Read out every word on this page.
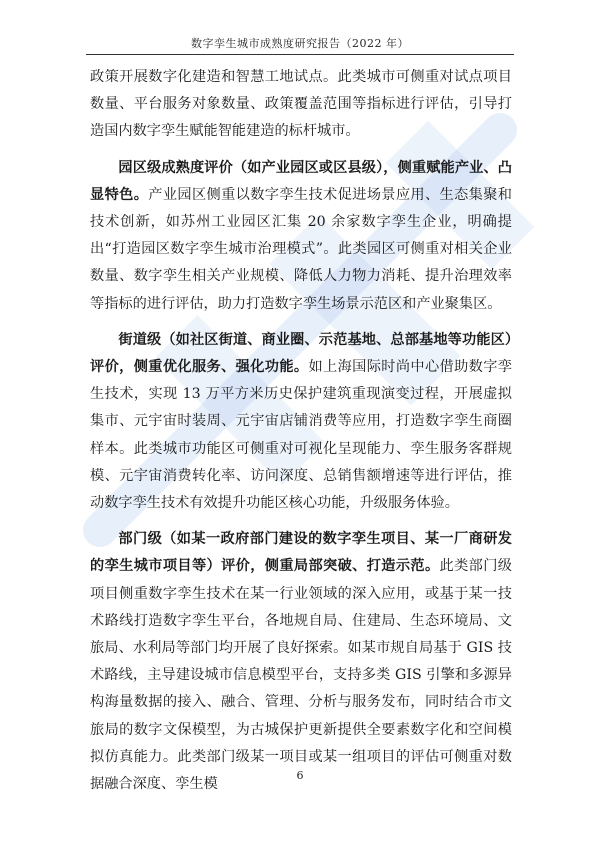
数字孪生城市成熟度研究报告（2022 年）

政策开展数字化建造和智慧工地试点。此类城市可侧重对试点项目数量、平台服务对象数量、政策覆盖范围等指标进行评估，引导打造国内数字孪生赋能智能建造的标杆城市。

园区级成熟度评价（如产业园区或区县级），侧重赋能产业、凸显特色。产业园区侧重以数字孪生技术促进场景应用、生态集聚和技术创新，如苏州工业园区汇集 20 余家数字孪生企业，明确提出“打造园区数字孪生城市治理模式”。此类园区可侧重对相关企业数量、数字孪生相关产业规模、降低人力物力消耗、提升治理效率等指标的进行评估，助力打造数字孪生场景示范区和产业聚集区。

街道级（如社区街道、商业圈、示范基地、总部基地等功能区）评价，侧重优化服务、强化功能。如上海国际时尚中心借助数字孪生技术，实现 13 万平方米历史保护建筑重现演变过程，开展虚拟集市、元宇宙时装周、元宇宙店铺消费等应用，打造数字孪生商圈样本。此类城市功能区可侧重对可视化呈现能力、孪生服务客群规模、元宇宙消费转化率、访问深度、总销售额增速等进行评估，推动数字孪生技术有效提升功能区核心功能，升级服务体验。

部门级（如某一政府部门建设的数字孪生项目、某一厂商研发的孪生城市项目等）评价，侧重局部突破、打造示范。此类部门级项目侧重数字孪生技术在某一行业领域的深入应用，或基于某一技术路线打造数字孪生平台，各地规自局、住建局、生态环境局、文旅局、水利局等部门均开展了良好探索。如某市规自局基于 GIS 技术路线，主导建设城市信息模型平台，支持多类 GIS 引擎和多源异构海量数据的接入、融合、管理、分析与服务发布，同时结合市文旅局的数字文保模型，为古城保护更新提供全要素数字化和空间模拟仿真能力。此类部门级某一项目或某一组项目的评估可侧重对数据融合深度、孪生模

6
